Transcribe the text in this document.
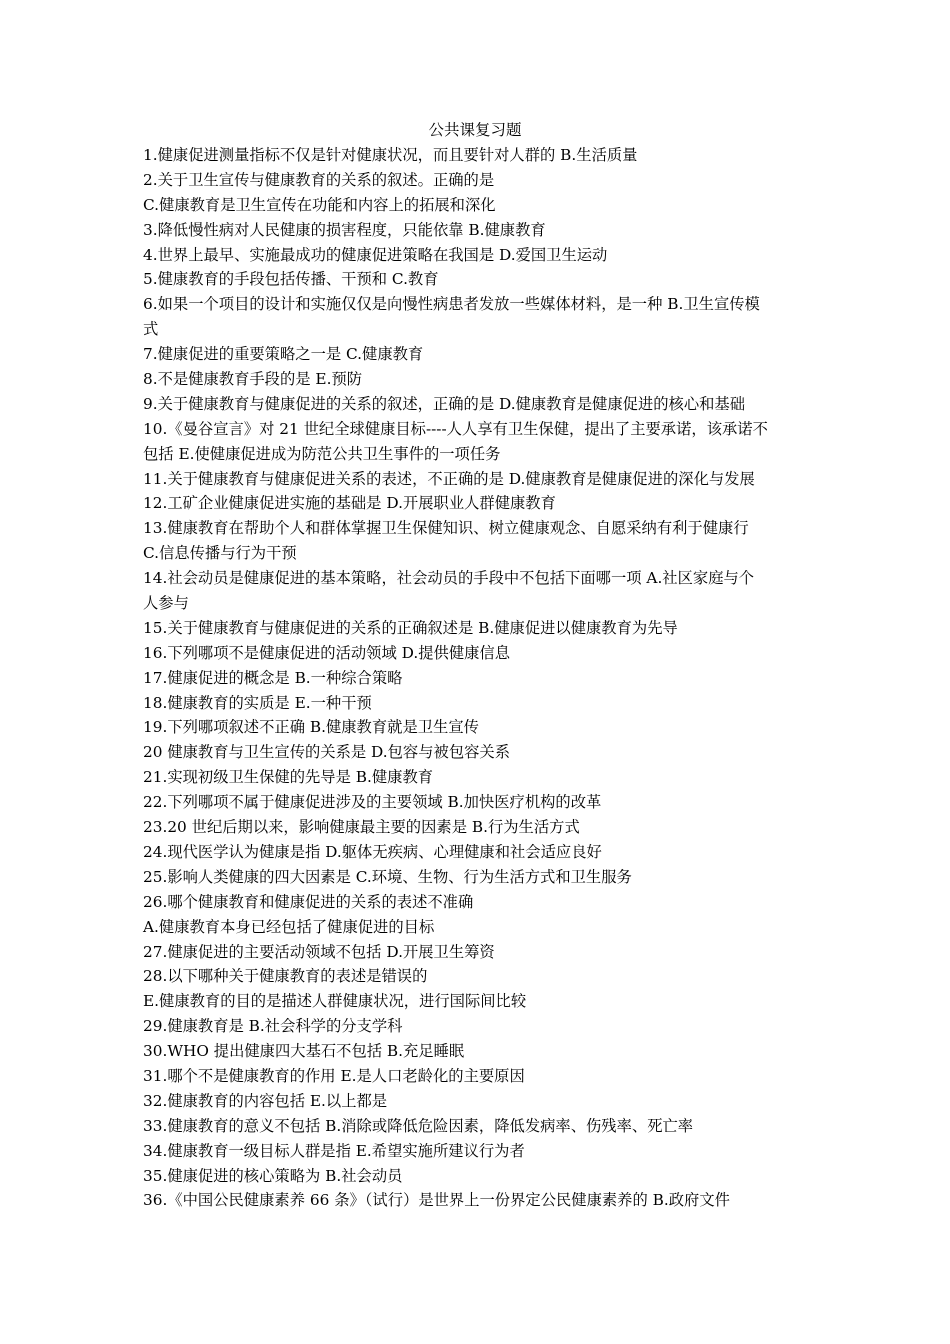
公共课复习题
1.健康促进测量指标不仅是针对健康状况，而且要针对人群的 B.生活质量
2.关于卫生宣传与健康教育的关系的叙述。正确的是
C.健康教育是卫生宣传在功能和内容上的拓展和深化
3.降低慢性病对人民健康的损害程度，只能依靠 B.健康教育
4.世界上最早、实施最成功的健康促进策略在我国是 D.爱国卫生运动
5.健康教育的手段包括传播、干预和 C.教育
6.如果一个项目的设计和实施仅仅是向慢性病患者发放一些媒体材料，是一种 B.卫生宣传模
式
7.健康促进的重要策略之一是 C.健康教育
8.不是健康教育手段的是 E.预防
9.关于健康教育与健康促进的关系的叙述，正确的是 D.健康教育是健康促进的核心和基础
10.《曼谷宣言》对 21 世纪全球健康目标----人人享有卫生保健，提出了主要承诺，该承诺不
包括 E.使健康促进成为防范公共卫生事件的一项任务
11.关于健康教育与健康促进关系的表述，不正确的是 D.健康教育是健康促进的深化与发展
12.工矿企业健康促进实施的基础是 D.开展职业人群健康教育
13.健康教育在帮助个人和群体掌握卫生保健知识、树立健康观念、自愿采纳有利于健康行
C.信息传播与行为干预
14.社会动员是健康促进的基本策略，社会动员的手段中不包括下面哪一项 A.社区家庭与个
人参与
15.关于健康教育与健康促进的关系的正确叙述是 B.健康促进以健康教育为先导
16.下列哪项不是健康促进的活动领域 D.提供健康信息
17.健康促进的概念是 B.一种综合策略
18.健康教育的实质是 E.一种干预
19.下列哪项叙述不正确 B.健康教育就是卫生宣传
20 健康教育与卫生宣传的关系是 D.包容与被包容关系
21.实现初级卫生保健的先导是 B.健康教育
22.下列哪项不属于健康促进涉及的主要领域 B.加快医疗机构的改革
23.20 世纪后期以来，影响健康最主要的因素是 B.行为生活方式
24.现代医学认为健康是指 D.躯体无疾病、心理健康和社会适应良好
25.影响人类健康的四大因素是 C.环境、生物、行为生活方式和卫生服务
26.哪个健康教育和健康促进的关系的表述不准确
A.健康教育本身已经包括了健康促进的目标
27.健康促进的主要活动领域不包括 D.开展卫生筹资
28.以下哪种关于健康教育的表述是错误的
E.健康教育的目的是描述人群健康状况，进行国际间比较
29.健康教育是 B.社会科学的分支学科
30.WHO 提出健康四大基石不包括 B.充足睡眠
31.哪个不是健康教育的作用 E.是人口老龄化的主要原因
32.健康教育的内容包括 E.以上都是
33.健康教育的意义不包括 B.消除或降低危险因素，降低发病率、伤残率、死亡率
34.健康教育一级目标人群是指 E.希望实施所建议行为者
35.健康促进的核心策略为 B.社会动员
36.《中国公民健康素养 66 条》（试行）是世界上一份界定公民健康素养的 B.政府文件
